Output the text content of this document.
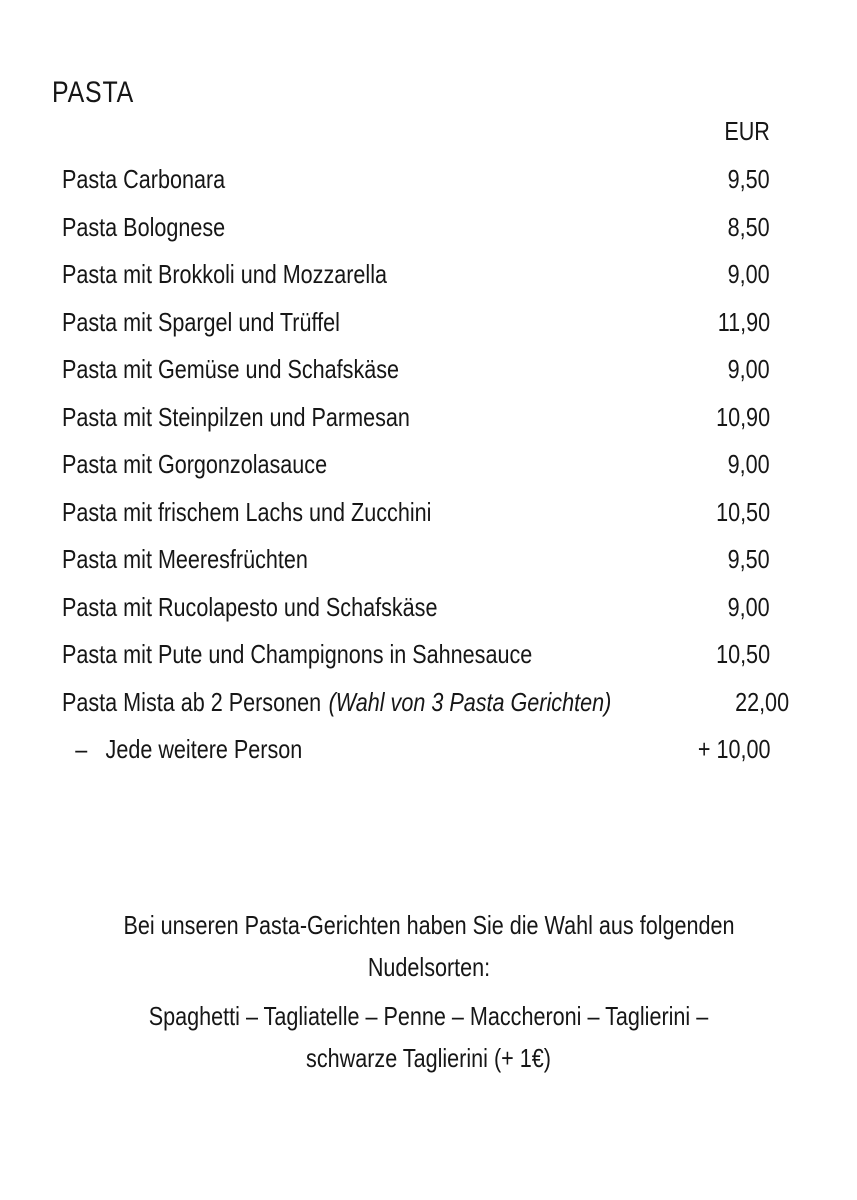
PASTA
EUR
Pasta Carbonara	9,50
Pasta Bolognese	8,50
Pasta mit Brokkoli und Mozzarella	9,00
Pasta mit Spargel und Trüffel	11,90
Pasta mit Gemüse und Schafskäse	9,00
Pasta mit Steinpilzen und Parmesan	10,90
Pasta mit Gorgonzolasauce	9,00
Pasta mit frischem Lachs und Zucchini	10,50
Pasta mit Meeresfrüchten	9,50
Pasta mit Rucolapesto und Schafskäse	9,00
Pasta mit Pute und Champignons in Sahnesauce	10,50
Pasta Mista ab 2 Personen (Wahl von 3 Pasta Gerichten)	22,00
– Jede weitere Person	+ 10,00

Bei unseren Pasta-Gerichten haben Sie die Wahl aus folgenden Nudelsorten:

Spaghetti – Tagliatelle – Penne – Maccheroni – Taglierini –

schwarze Taglierini (+ 1€)
